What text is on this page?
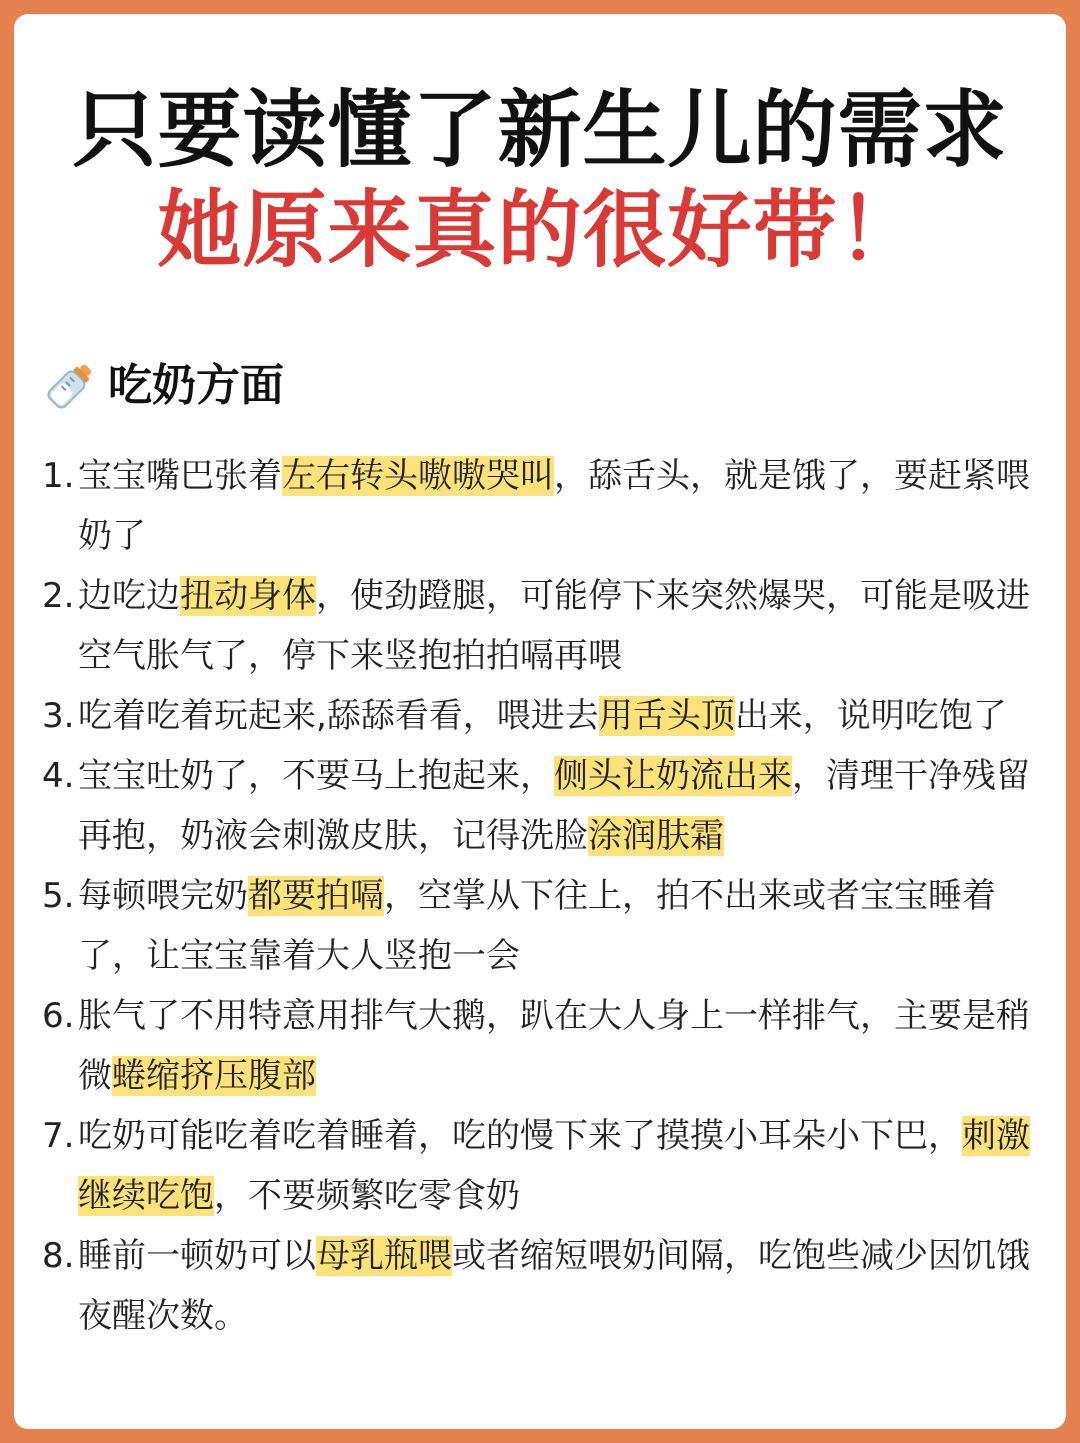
只要读懂了新生儿的需求
她原来真的很好带！
吃奶方面
1. 宝宝嘴巴张着左右转头嗷嗷哭叫，舔舌头，就是饿了，要赶紧喂奶了
2. 边吃边扭动身体，使劲蹬腿，可能停下来突然爆哭，可能是吸进空气胀气了，停下来竖抱拍拍嗝再喂
3. 吃着吃着玩起来,舔舔看看，喂进去用舌头顶出来，说明吃饱了
4. 宝宝吐奶了，不要马上抱起来，侧头让奶流出来，清理干净残留再抱，奶液会刺激皮肤，记得洗脸涂润肤霜
5. 每顿喂完奶都要拍嗝，空掌从下往上，拍不出来或者宝宝睡着了，让宝宝靠着大人竖抱一会
6. 胀气了不用特意用排气大鹅，趴在大人身上一样排气，主要是稍微蜷缩挤压腹部
7. 吃奶可能吃着吃着睡着，吃的慢下来了摸摸小耳朵小下巴，刺激继续吃饱，不要频繁吃零食奶
8. 睡前一顿奶可以母乳瓶喂或者缩短喂奶间隔，吃饱些减少因饥饿夜醒次数。
